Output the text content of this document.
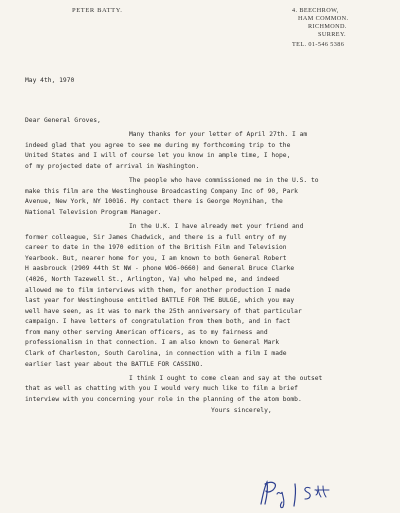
PETER BATTY.	4. BEECHROW,
HAM COMMON.
RICHMOND.
SURREY.
TEL. 01-546 5386
May 4th, 1970
Dear General Groves,
Many thanks for your letter of April 27th. I am
indeed glad that you agree to see me during my forthcoming trip to the
United States and I will of course let you know in ample time, I hope,
of my projected date of arrival in Washington.
The people who have commissioned me in the U.S. to
make this film are the Westinghouse Broadcasting Company Inc of 90, Park
Avenue, New York, NY 10016. My contact there is George Moynihan, the
National Television Program Manager.
In the U.K. I have already met your friend and
former colleague, Sir James Chadwick, and there is a full entry of my
career to date in the 1970 edition of the British Film and Television
Yearbook. But, nearer home for you, I am known to both General Robert
H aasbrouck (2909 44th St NW - phone WO6-0660) and General Bruce Clarke
(4026, North Tazewell St., Arlington, Va) who helped me, and indeed
allowed me to film interviews with them, for another production I made
last year for Westinghouse entitled BATTLE FOR THE BULGE, which you may
well have seen, as it was to mark the 25th anniversary of that particular
campaign. I have letters of congratulation from them both, and in fact
from many other serving American officers, as to my fairness and
professionalism in that connection. I am also known to General Mark
Clark of Charleston, South Carolina, in connection with a film I made
earlier last year about the BATTLE FOR CASSINO.
I think I ought to come clean and say at the outset
that as well as chatting with you I would very much like to film a brief
interview with you concerning your role in the planning of the atom bomb.
Yours sincerely,
